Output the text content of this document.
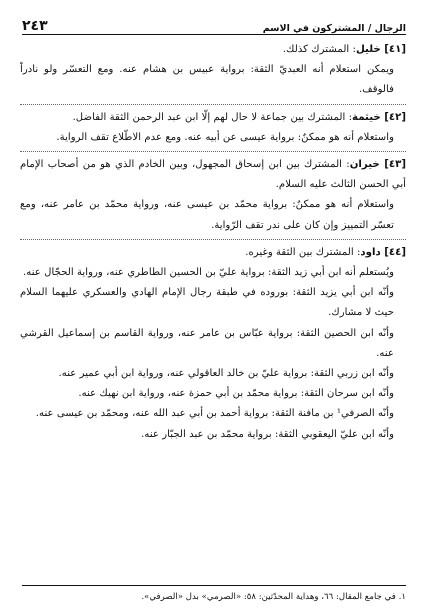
الرجال / المشتركون في الاسم
٢٤٣

[٤١] خليل: المشترك كذلك.

ويمكن استعلام أنه العبديّ الثقة: برواية عبيس بن هشام عنه. ومع التعسّر ولو نادراً فالوقف.

[٤٢] خيثمة: المشترك بين جماعة لا حال لهم إلّا ابن عبد الرحمن الثقة الفاضل.

واستعلام أنه هو ممكنٌ: برواية عيسى عن أبيه عنه. ومع عدم الاطّلاع تقف الرواية.

[٤٣] خيران: المشترك بين ابن إسحاق المجهول، وبين الخادم الذي هو من أصحاب الإمام أبي الحسن الثالث عليه السلام.

واستعلام أنه هو ممكنٌ: برواية محمّد بن عيسى عنه، ورواية محمّد بن عامر عنه، ومع تعسّر التمييز وإن كان على ندر تقف الرّواية.

[٤٤] داود: المشترك بين الثقة وغيره.

ويُستعلم أنه ابن أبي زيد الثقة: برواية عليّ بن الحسين الطاطري عنه، ورواية الحجّال عنه.

وأنّه ابن أبي يزيد الثقة: بوروده في طبقة رجال الإمام الهادي والعسكري عليهما السلام حيث لا مشارك.

وأنّه ابن الحصين الثقة: برواية عبّاس بن عامر عنه، ورواية القاسم بن إسماعيل القرشي عنه.

وأنّه ابن زربي الثقة: برواية عليّ بن خالد العاقولي عنه، ورواية ابن أبي عمير عنه.

وأنّه ابن سرحان الثقة: برواية محمّد بن أبي حمزة عنه، ورواية ابن نهيك عنه.

وأنّه الصرفي¹ بن مافنة الثقة: برواية أحمد بن أبي عبد الله عنه، ومحمّد بن عيسى عنه.

وأنّه ابن عليّ اليعقوبي الثقة: برواية محمّد بن عبد الجبّار عنه.

١. في جامع المقال: ٦٦، وهداية المحدّثين: ٥٨: «الصرمي» بدل «الصرفي».
